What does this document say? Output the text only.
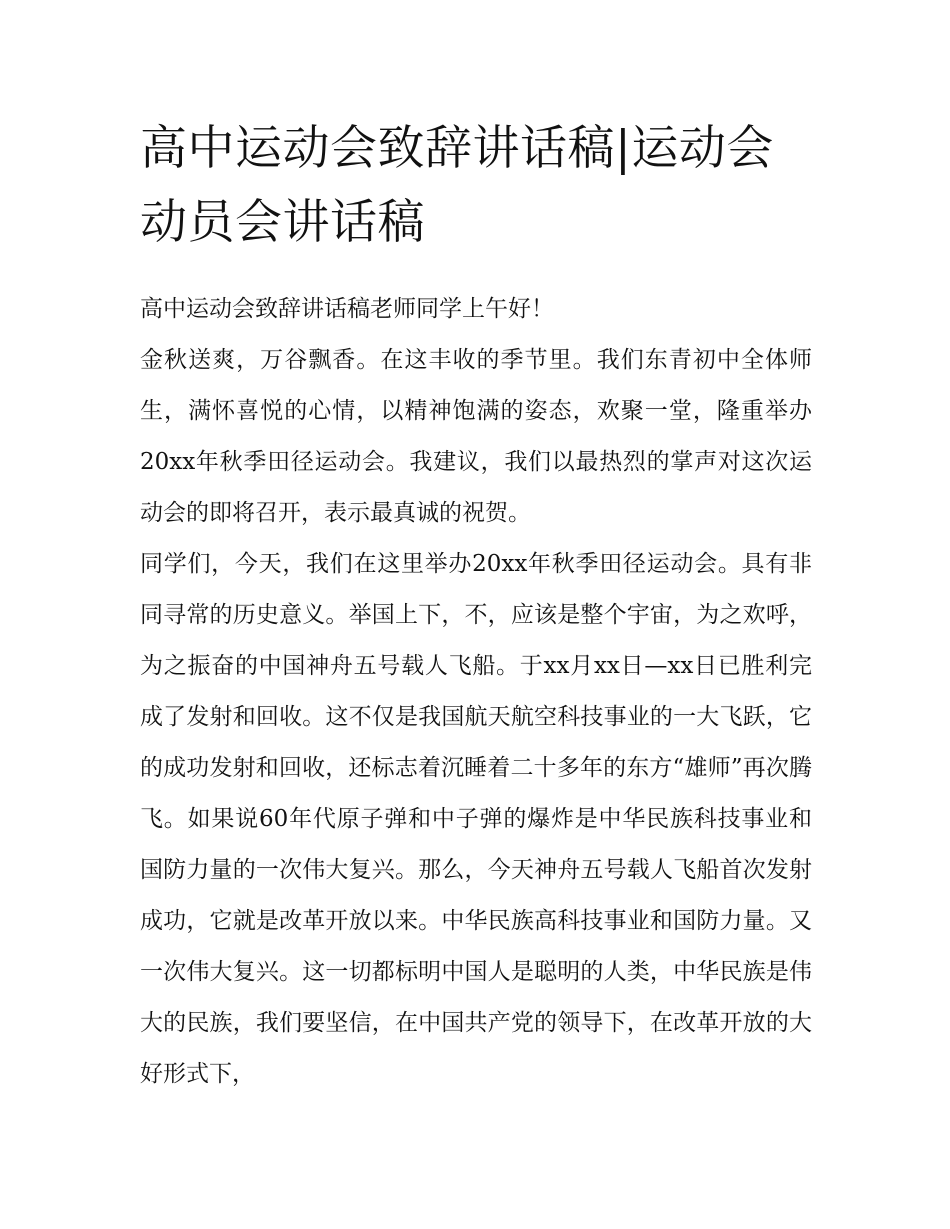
高中运动会致辞讲话稿|运动会动员会讲话稿

高中运动会致辞讲话稿老师同学上午好！

金秋送爽，万谷飘香。在这丰收的季节里。我们东青初中全体师生，满怀喜悦的心情，以精神饱满的姿态，欢聚一堂，隆重举办20xx年秋季田径运动会。我建议，我们以最热烈的掌声对这次运动会的即将召开，表示最真诚的祝贺。

同学们，今天，我们在这里举办20xx年秋季田径运动会。具有非同寻常的历史意义。举国上下，不，应该是整个宇宙，为之欢呼，为之振奋的中国神舟五号载人飞船。于xx月xx日—xx日已胜利完成了发射和回收。这不仅是我国航天航空科技事业的一大飞跃，它的成功发射和回收，还标志着沉睡着二十多年的东方“雄师”再次腾飞。如果说60年代原子弹和中子弹的爆炸是中华民族科技事业和国防力量的一次伟大复兴。那么，今天神舟五号载人飞船首次发射成功，它就是改革开放以来。中华民族高科技事业和国防力量。又一次伟大复兴。这一切都标明中国人是聪明的人类，中华民族是伟大的民族，我们要坚信，在中国共产党的领导下，在改革开放的大好形式下，
